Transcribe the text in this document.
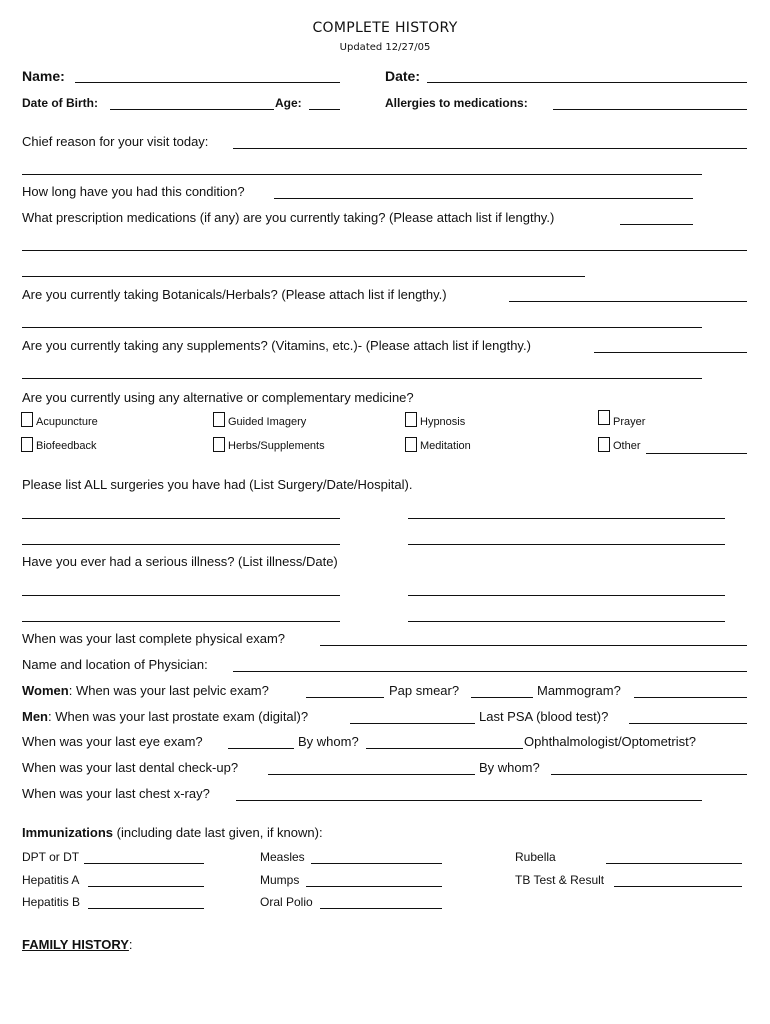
COMPLETE HISTORY
Updated 12/27/05
Name:	Date:
Date of Birth:	Age:	Allergies to medications:
Chief reason for your visit today:
How long have you had this condition?
What prescription medications (if any) are you currently taking? (Please attach list if lengthy.)
Are you currently taking Botanicals/Herbals? (Please attach list if lengthy.)
Are you currently taking any supplements? (Vitamins, etc.)- (Please attach list if lengthy.)
Are you currently using any alternative or complementary medicine?
Acupuncture	Guided Imagery	Hypnosis	Prayer
Biofeedback	Herbs/Supplements	Meditation	Other
Please list ALL surgeries you have had (List Surgery/Date/Hospital).
Have you ever had a serious illness? (List illness/Date)
When was your last complete physical exam?
Name and location of Physician:
Women: When was your last pelvic exam?	Pap smear?	Mammogram?
Men: When was your last prostate exam (digital)?	Last PSA (blood test)?
When was your last eye exam?	By whom?	Ophthalmologist/Optometrist?
When was your last dental check-up?	By whom?
When was your last chest x-ray?
Immunizations (including date last given, if known):
DPT or DT	Measles	Rubella
Hepatitis A	Mumps	TB Test & Result
Hepatitis B	Oral Polio
FAMILY HISTORY:
